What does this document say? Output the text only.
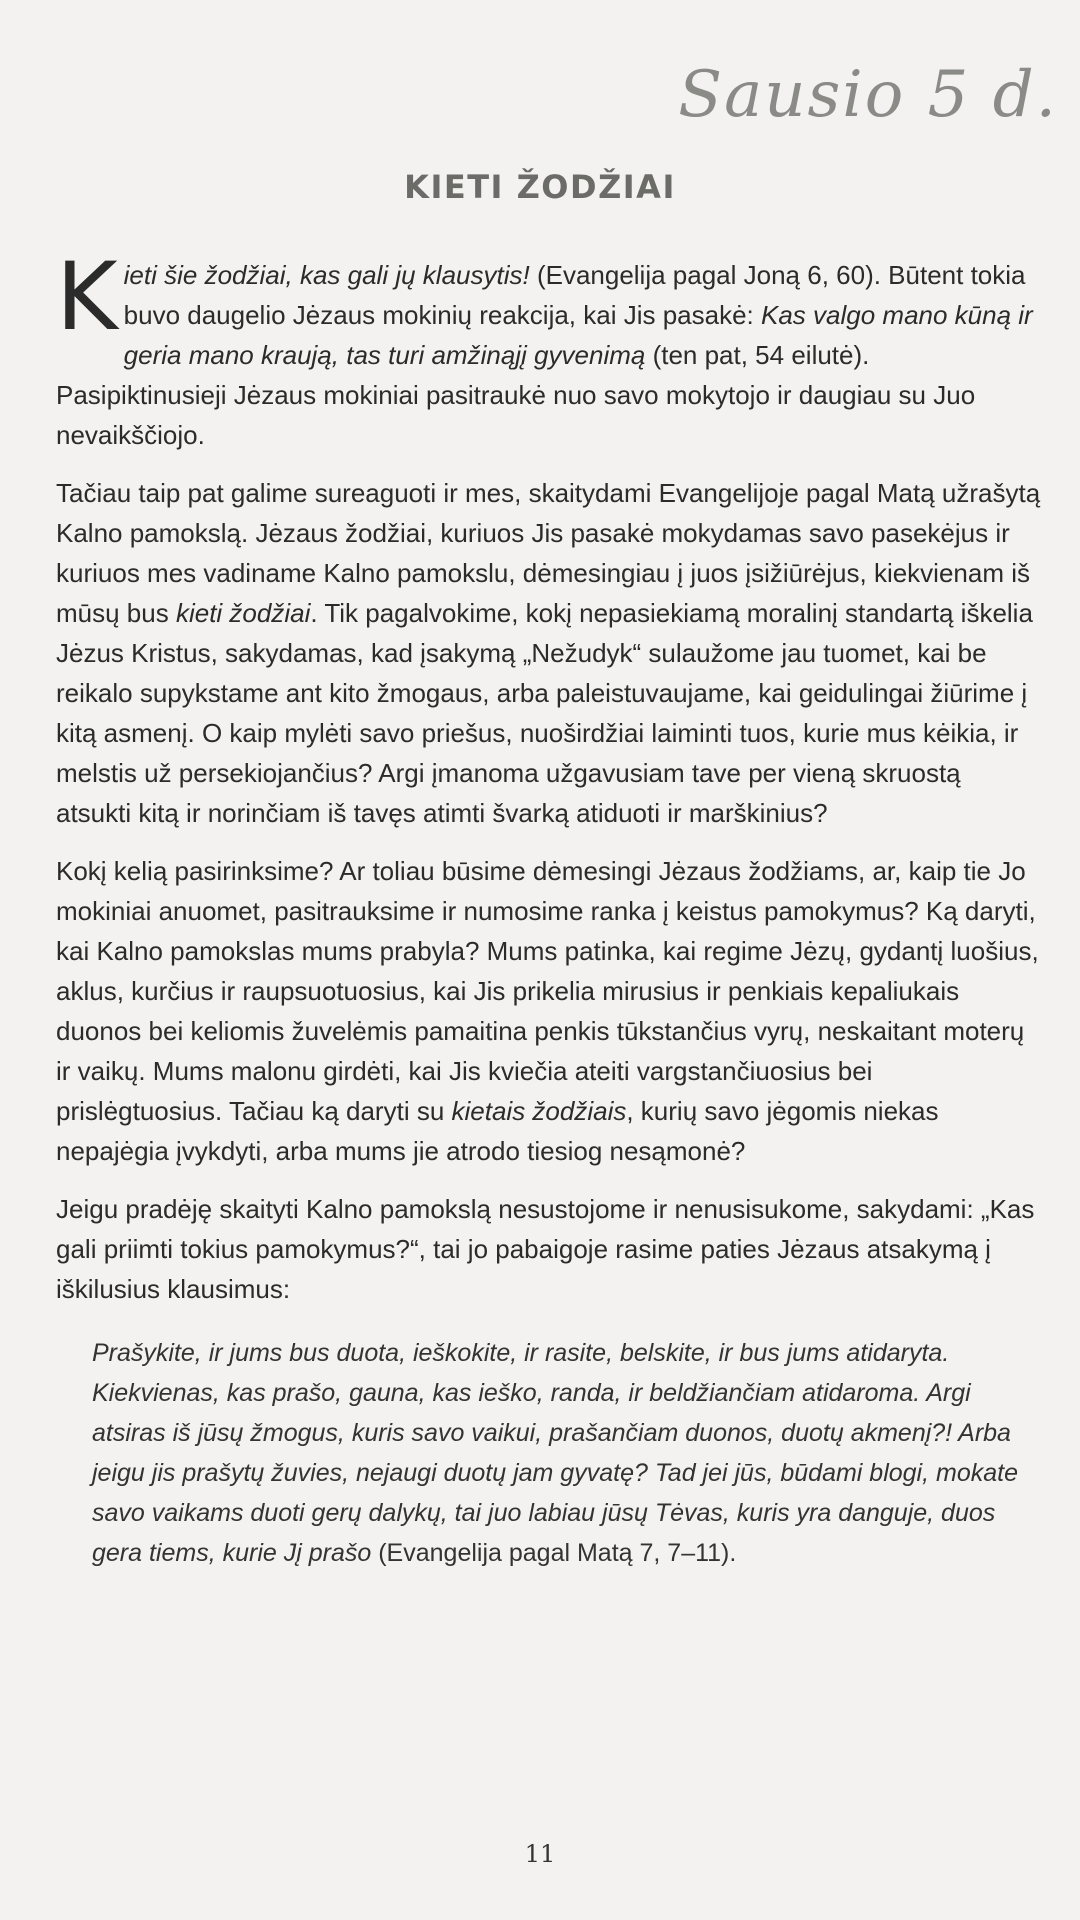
Sausio 5 d.
KIETI ŽODŽIAI

Kieti šie žodžiai, kas gali jų klausytis! (Evangelija pagal Joną 6, 60). Būtent tokia buvo daugelio Jėzaus mokinių reakcija, kai Jis pasakė: Kas valgo mano kūną ir geria mano kraują, tas turi amžinąjį gyvenimą (ten pat, 54 eilutė). Pasipiktinusieji Jėzaus mokiniai pasitraukė nuo savo mokytojo ir daugiau su Juo nevaikščiojo.

Tačiau taip pat galime sureaguoti ir mes, skaitydami Evangelijoje pagal Matą užrašytą Kalno pamokslą. Jėzaus žodžiai, kuriuos Jis pasakė mokydamas savo pasekėjus ir kuriuos mes vadiname Kalno pamokslu, dėmesingiau į juos įsižiūrėjus, kiekvienam iš mūsų bus kieti žodžiai. Tik pagalvokime, kokį nepasiekiamą moralinį standartą iškelia Jėzus Kristus, sakydamas, kad įsakymą „Nežudyk“ sulaužome jau tuomet, kai be reikalo supykstame ant kito žmogaus, arba paleistuvaujame, kai geidulingai žiūrime į kitą asmenį. O kaip mylėti savo priešus, nuoširdžiai laiminti tuos, kurie mus kėikia, ir melstis už persekiojančius? Argi įmanoma užgavusiam tave per vieną skruostą atsukti kitą ir norinčiam iš tavęs atimti švarką atiduoti ir marškinius?

Kokį kelią pasirinksime? Ar toliau būsime dėmesingi Jėzaus žodžiams, ar, kaip tie Jo mokiniai anuomet, pasitrauksime ir numosime ranka į keistus pamokymus? Ką daryti, kai Kalno pamokslas mums prabyla? Mums patinka, kai regime Jėzų, gydantį luošius, aklus, kurčius ir raupsuotuosius, kai Jis prikelia mirusius ir penkiais kepaliukais duonos bei keliomis žuvelėmis pamaitina penkis tūkstančius vyrų, neskaitant moterų ir vaikų. Mums malonu girdėti, kai Jis kviečia ateiti vargstančiuosius bei prislėgtuosius. Tačiau ką daryti su kietais žodžiais, kurių savo jėgomis niekas nepajėgia įvykdyti, arba mums jie atrodo tiesiog nesąmonė?

Jeigu pradėję skaityti Kalno pamokslą nesustojome ir nenusisukome, sakydami: „Kas gali priimti tokius pamokymus?“, tai jo pabaigoje rasime paties Jėzaus atsakymą į iškilusius klausimus:

Prašykite, ir jums bus duota, ieškokite, ir rasite, belskite, ir bus jums atidaryta. Kiekvienas, kas prašo, gauna, kas ieško, randa, ir beldžiančiam atidaroma. Argi atsiras iš jūsų žmogus, kuris savo vaikui, prašančiam duonos, duotų akmenį?! Arba jeigu jis prašytų žuvies, nejaugi duotų jam gyvatę? Tad jei jūs, būdami blogi, mokate savo vaikams duoti gerų dalykų, tai juo labiau jūsų Tėvas, kuris yra danguje, duos gera tiems, kurie Jį prašo (Evangelija pagal Matą 7, 7–11).
11
